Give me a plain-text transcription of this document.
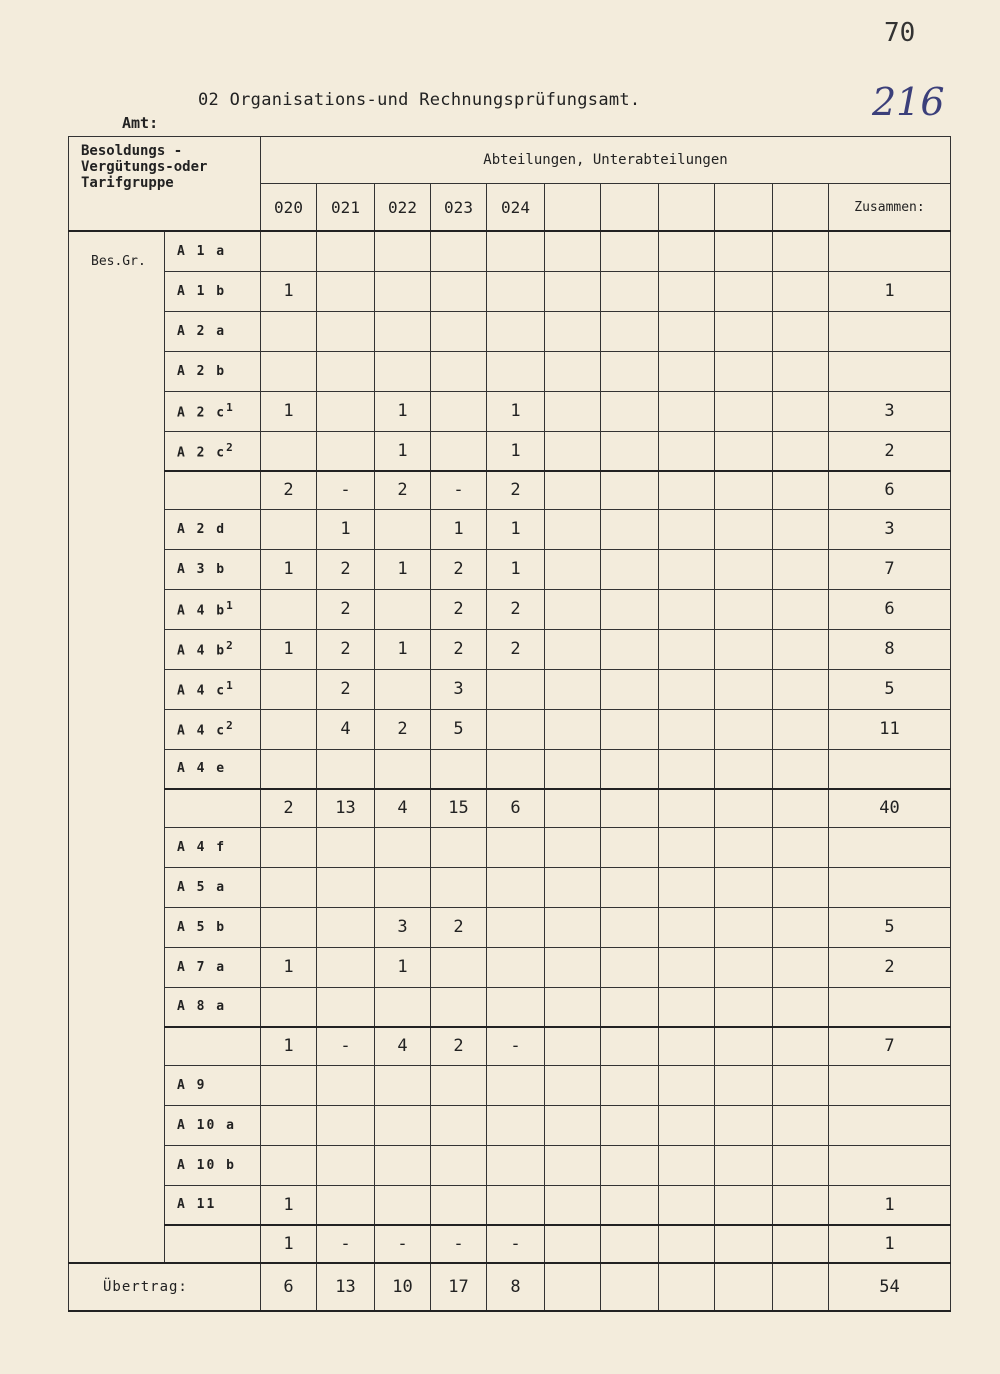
70
216
Amt:
02 Organisations-und Rechnungsprüfungsamt.
Besoldungs - Vergütungs-oder Tarifgruppe		Abteilungen, Unterabteilungen										
		020	021	022	023	024						Zusammen:
Bes.Gr.	A 1 a											
	A 1 b	1										1
	A 2 a											
	A 2 b											
	A 2 $c^1$	1		1		1						3
	A 2 $c^2$			1		1						2
		2	-	2	-	2						6
	A 2 d		1		1	1						3
	A 3 b	1	2	1	2	1						7
	A 4 $b^1$		2		2	2						6
	A 4 $b^2$	1	2	1	2	2						8
	A 4 $c^1$		2		3							5
	A 4 $c^2$		4	2	5							11
	A 4 e											
		2	13	4	15	6						40
	A 4 f											
	A 5 a											
	A 5 b			3	2							5
	A 7 a	1		1								2
	A 8 a											
		1	-	4	2	-						7
	A 9											
	A 10 a											
	A 10 b											
	A 11	1										1
		1	-	-	-	-						1
Übertrag:		6	13	10	17	8						54
